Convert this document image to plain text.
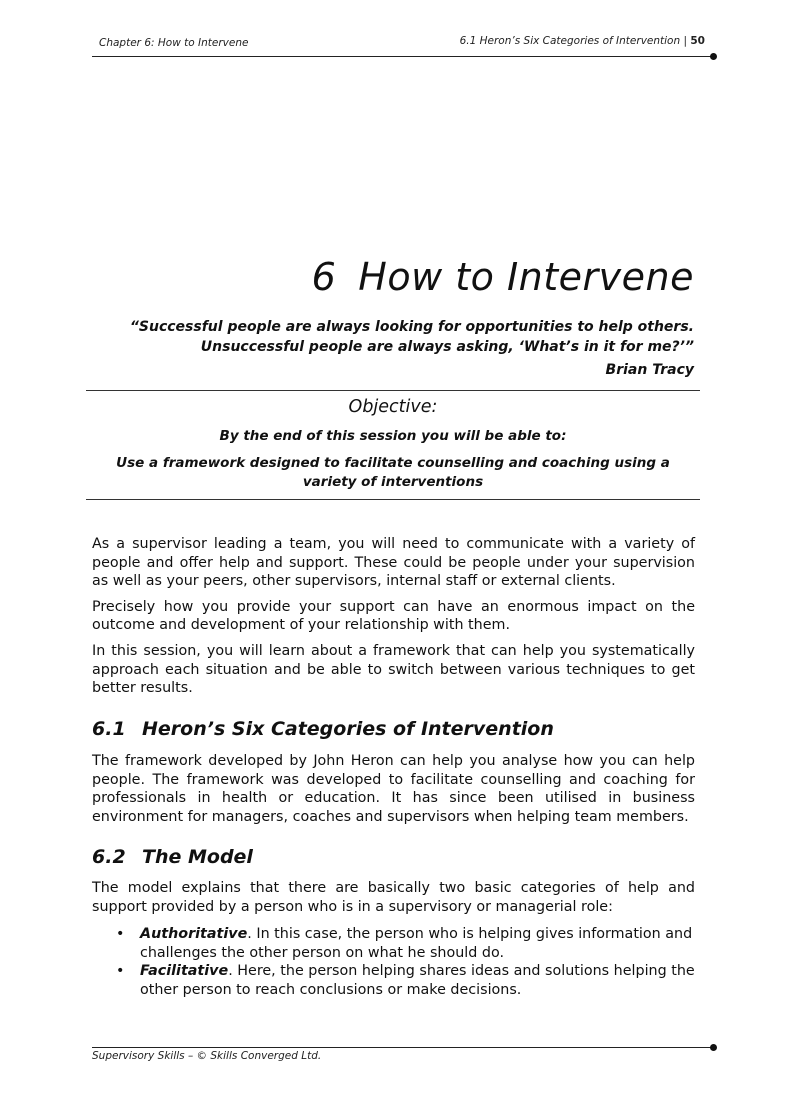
Chapter 6: How to Intervene	6.1 Heron’s Six Categories of Intervention | 50
6 How to Intervene
“Successful people are always looking for opportunities to help others.
Unsuccessful people are always asking, ‘What’s in it for me?’”
Brian Tracy
Objective:
By the end of this session you will be able to:
Use a framework designed to facilitate counselling and coaching using a variety of interventions

As a supervisor leading a team, you will need to communicate with a variety of people and offer help and support. These could be people under your supervision as well as your peers, other supervisors, internal staff or external clients.

Precisely how you provide your support can have an enormous impact on the outcome and development of your relationship with them.

In this session, you will learn about a framework that can help you systematically approach each situation and be able to switch between various techniques to get better results.

6.1 Heron’s Six Categories of Intervention

The framework developed by John Heron can help you analyse how you can help people. The framework was developed to facilitate counselling and coaching for professionals in health or education. It has since been utilised in business environment for managers, coaches and supervisors when helping team members.

6.2 The Model

The model explains that there are basically two basic categories of help and support provided by a person who is in a supervisory or managerial role:

• Authoritative. In this case, the person who is helping gives information and challenges the other person on what he should do.
• Facilitative. Here, the person helping shares ideas and solutions helping the other person to reach conclusions or make decisions.
Supervisory Skills – © Skills Converged Ltd.
